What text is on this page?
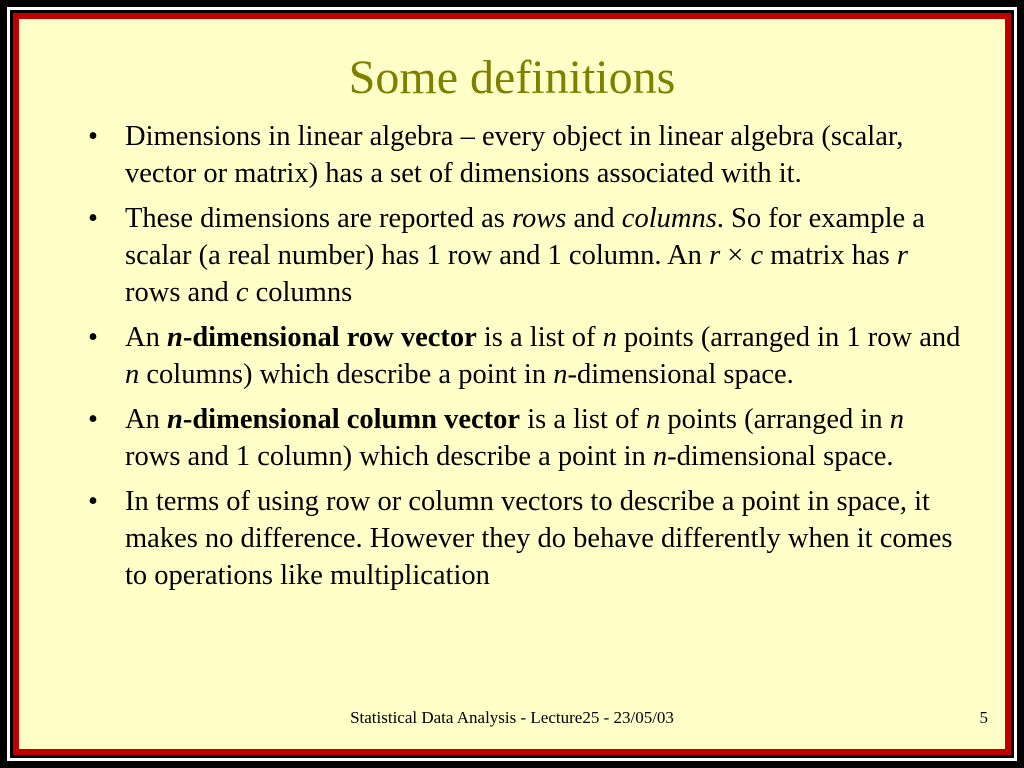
Some definitions
• Dimensions in linear algebra – every object in linear algebra (scalar, vector or matrix) has a set of dimensions associated with it.
• These dimensions are reported as rows and columns. So for example a scalar (a real number) has 1 row and 1 column. An r × c matrix has r rows and c columns
• An n-dimensional row vector is a list of n points (arranged in 1 row and n columns) which describe a point in n-dimensional space.
• An n-dimensional column vector is a list of n points (arranged in n rows and 1 column) which describe a point in n-dimensional space.
• In terms of using row or column vectors to describe a point in space, it makes no difference. However they do behave differently when it comes to operations like multiplication
Statistical Data Analysis - Lecture25 - 23/05/03	5
